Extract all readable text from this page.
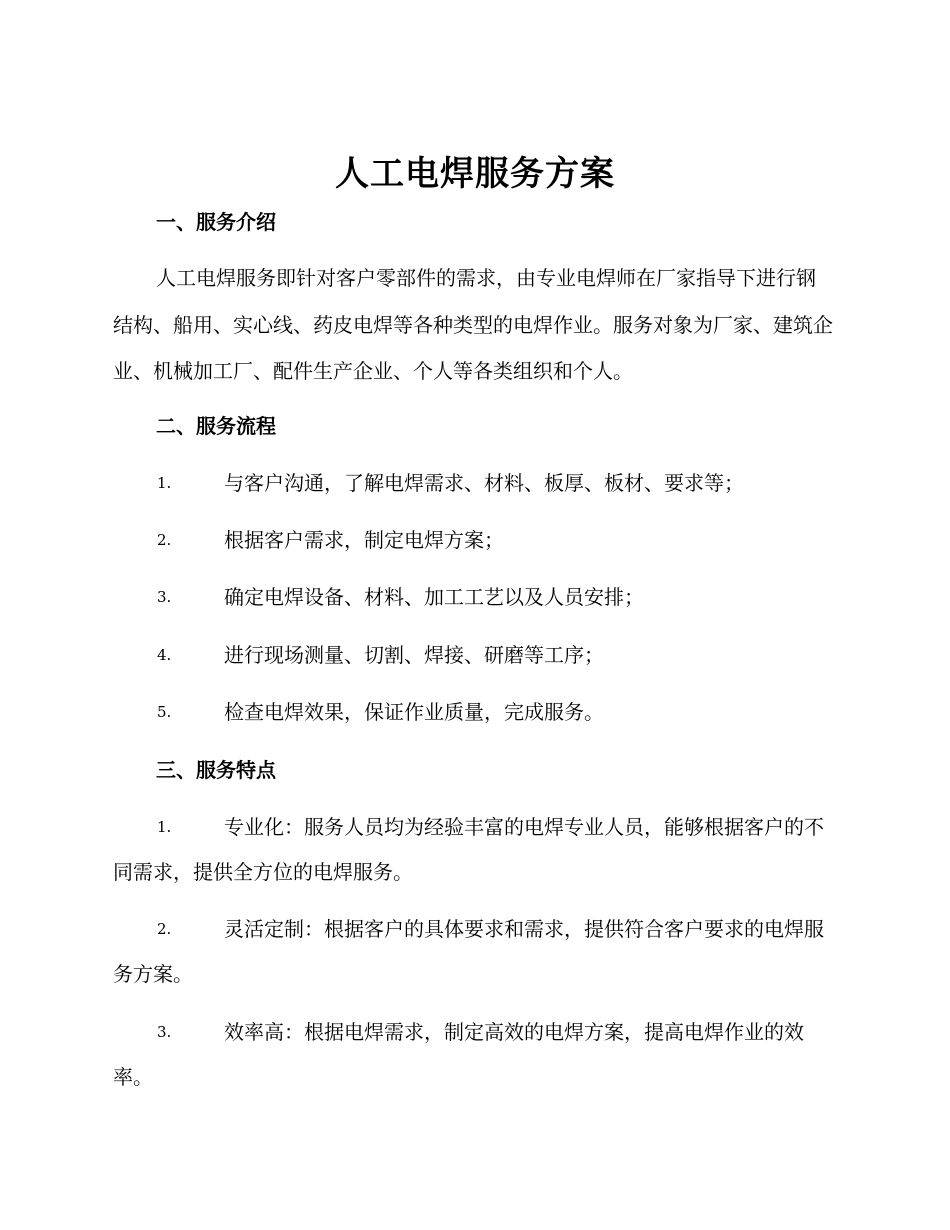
人工电焊服务方案
一、服务介绍

人工电焊服务即针对客户零部件的需求，由专业电焊师在厂家指导下进行钢结构、船用、实心线、药皮电焊等各种类型的电焊作业。服务对象为厂家、建筑企业、机械加工厂、配件生产企业、个人等各类组织和个人。

二、服务流程
1.	与客户沟通，了解电焊需求、材料、板厚、板材、要求等；
2.	根据客户需求，制定电焊方案；
3.	确定电焊设备、材料、加工工艺以及人员安排；
4.	进行现场测量、切割、焊接、研磨等工序；
5.	检查电焊效果，保证作业质量，完成服务。
三、服务特点
1.	专业化：服务人员均为经验丰富的电焊专业人员，能够根据客户的不同需求，提供全方位的电焊服务。
2.	灵活定制：根据客户的具体要求和需求，提供符合客户要求的电焊服务方案。
3.	效率高：根据电焊需求，制定高效的电焊方案，提高电焊作业的效率。
